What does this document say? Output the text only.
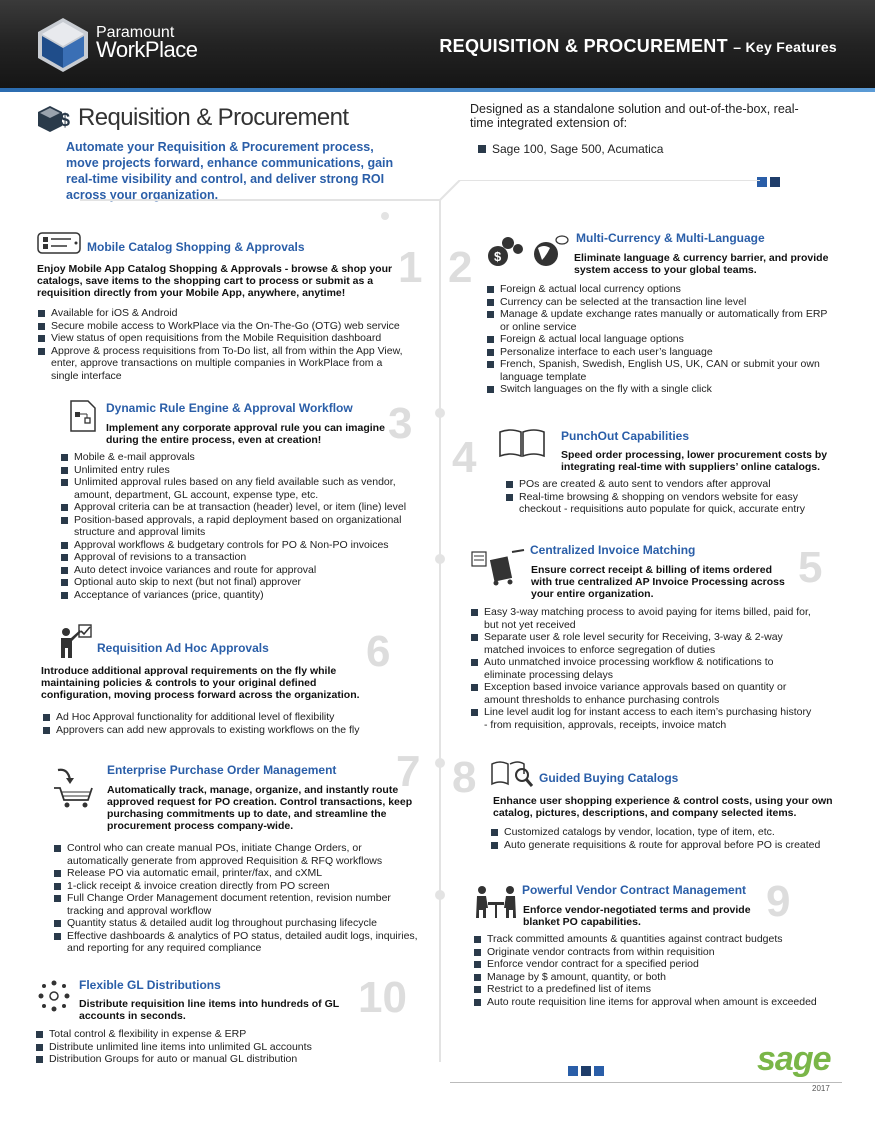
Paramount
WorkPlace	REQUISITION & PROCUREMENT – Key Features
$ Requisition & Procurement
Automate your Requisition & Procurement process, move projects forward, enhance communications, gain real-time visibility and control, and deliver strong ROI across your organization.
Designed as a standalone solution and out-of-the-box, real-time integrated extension of:
Sage 100, Sage 500, Acumatica
Mobile Catalog Shopping & Approvals 1
Enjoy Mobile App Catalog Shopping & Approvals - browse & shop your catalogs, save items to the shopping cart to process or submit as a requisition directly from your Mobile App, anywhere, anytime!
Available for iOS & Android
Secure mobile access to WorkPlace via the On-The-Go (OTG) web service
View status of open requisitions from the Mobile Requisition dashboard
Approve & process requisitions from To-Do list, all from within the App View, enter, approve transactions on multiple companies in WorkPlace from a single interface
$
Multi-Currency & Multi-Language
2	Eliminate language & currency barrier, and provide system access to your global teams.
Foreign & actual local currency options
Currency can be selected at the transaction line level
Manage & update exchange rates manually or automatically from ERP or online service
Foreign & actual local language options
Personalize interface to each user’s language
French, Spanish, Swedish, English US, UK, CAN or submit your own language template
Switch languages on the fly with a single click
Dynamic Rule Engine & Approval Workflow 3
Implement any corporate approval rule you can imagine during the entire process, even at creation!
Mobile & e-mail approvals
Unlimited entry rules
Unlimited approval rules based on any field available such as vendor, amount, department, GL account, expense type, etc.
Approval criteria can be at transaction (header) level, or item (line) level
Position-based approvals, a rapid deployment based on organizational structure and approval limits
Approval workflows & budgetary controls for PO & Non-PO invoices
Approval of revisions to a transaction
Auto detect invoice variances and route for approval
Optional auto skip to next (but not final) approver
Acceptance of variances (price, quantity)
PunchOut Capabilities
4	Speed order processing, lower procurement costs by integrating real-time with suppliers’ online catalogs.
POs are created & auto sent to vendors after approval
Real-time browsing & shopping on vendors website for easy checkout - requisitions auto populate for quick, accurate entry
Centralized Invoice Matching 5
Ensure correct receipt & billing of items ordered with true centralized AP Invoice Processing across your entire organization.
Easy 3-way matching process to avoid paying for items billed, paid for, but not yet received
Separate user & role level security for Receiving, 3-way & 2-way matched invoices to enforce segregation of duties
Auto unmatched invoice processing workflow & notifications to eliminate processing delays
Exception based invoice variance approvals based on quantity or amount thresholds to enhance purchasing controls
Line level audit log for instant access to each item’s purchasing history - from requisition, approvals, receipts, invoice match
Requisition Ad Hoc Approvals 6
Introduce additional approval requirements on the fly while maintaining policies & controls to your original defined configuration, moving process forward across the organization.
Ad Hoc Approval functionality for additional level of flexibility
Approvers can add new approvals to existing workflows on the fly
Enterprise Purchase Order Management 7
Automatically track, manage, organize, and instantly route approved request for PO creation. Control transactions, keep purchasing commitments up to date, and streamline the procurement process company-wide.
Control who can create manual POs, initiate Change Orders, or automatically generate from approved Requisition & RFQ workflows
Release PO via automatic email, printer/fax, and cXML
1-click receipt & invoice creation directly from PO screen
Full Change Order Management document retention, revision number tracking and approval workflow
Quantity status & detailed audit log throughout purchasing lifecycle
Effective dashboards & analytics of PO status, detailed audit logs, inquiries, and reporting for any required compliance
Guided Buying Catalogs
8 Enhance user shopping experience & control costs, using your own catalog, pictures, descriptions, and company selected items.
Customized catalogs by vendor, location, type of item, etc.
Auto generate requisitions & route for approval before PO is created
Powerful Vendor Contract Management 9
Enforce vendor-negotiated terms and provide blanket PO capabilities.
Track committed amounts & quantities against contract budgets
Originate vendor contracts from within requisition
Enforce vendor contract for a specified period
Manage by $ amount, quantity, or both
Restrict to a predefined list of items
Auto route requisition line items for approval when amount is exceeded
Flexible GL Distributions	10
Distribute requisition line items into hundreds of GL accounts in seconds.
Total control & flexibility in expense & ERP
Distribute unlimited line items into unlimited GL accounts
Distribution Groups for auto or manual GL distribution	sage
2017
